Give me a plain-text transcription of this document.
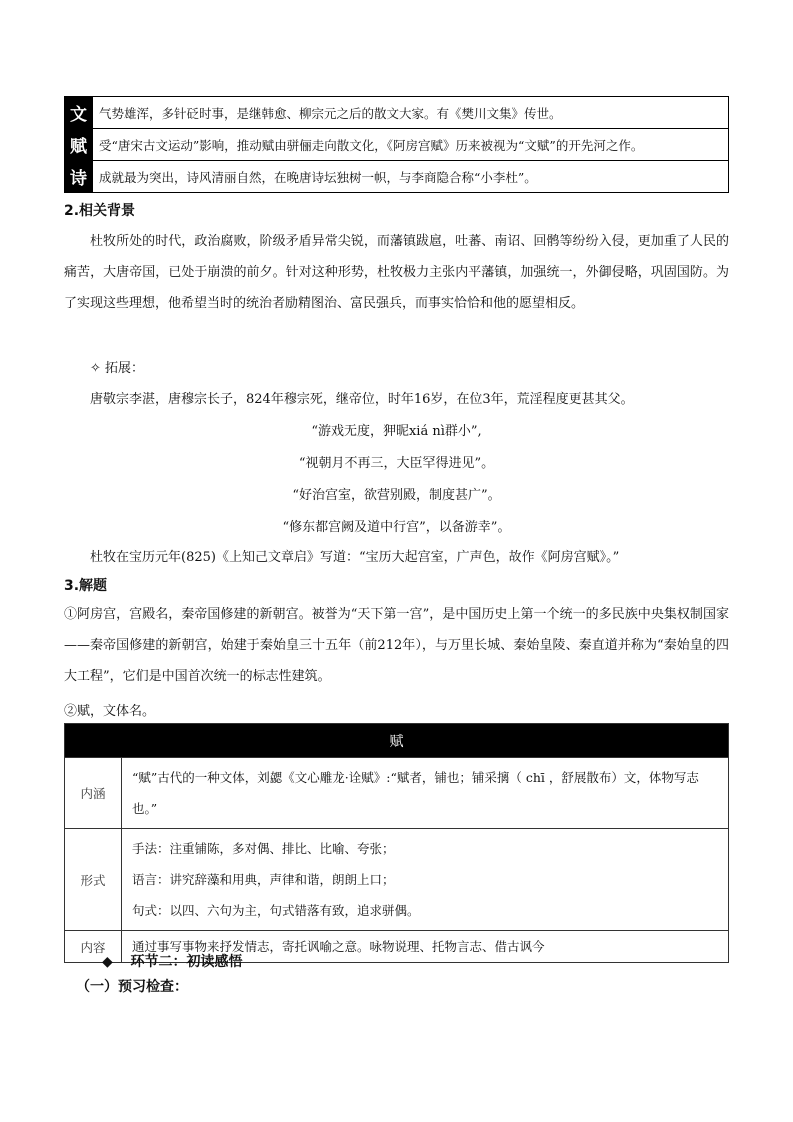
文	气势雄浑，多针砭时事，是继韩愈、柳宗元之后的散文大家。有《樊川文集》传世。
赋	受“唐宋古文运动”影响，推动赋由骈俪走向散文化，《阿房宫赋》历来被视为“文赋”的开先河之作。
诗	成就最为突出，诗风清丽自然，在晚唐诗坛独树一帜，与李商隐合称“小李杜”。
2.相关背景
杜牧所处的时代，政治腐败，阶级矛盾异常尖锐，而藩镇跋扈，吐蕃、南诏、回鹘等纷纷入侵，更加重了人民的痛苦，大唐帝国，已处于崩溃的前夕。针对这种形势，杜牧极力主张内平藩镇，加强统一，外御侵略，巩固国防。为了实现这些理想，他希望当时的统治者励精图治、富民强兵，而事实恰恰和他的愿望相反。
✧ 拓展：
唐敬宗李湛，唐穆宗长子，824年穆宗死，继帝位，时年16岁，在位3年，荒淫程度更甚其父。
“游戏无度，狎昵xiá nì群小”,
“视朝月不再三，大臣罕得进见”。
“好治宫室，欲营别殿，制度甚广”。
“修东都宫阙及道中行宫”，以备游幸”。
杜牧在宝历元年(825)《上知己文章启》写道：“宝历大起宫室，广声色，故作《阿房宫赋》。”
3.解题
①阿房宫，宫殿名，秦帝国修建的新朝宫。被誉为“天下第一宫”，是中国历史上第一个统一的多民族中央集权制国家——秦帝国修建的新朝宫，始建于秦始皇三十五年（前212年），与万里长城、秦始皇陵、秦直道并称为“秦始皇的四大工程”，它们是中国首次统一的标志性建筑。
②赋，文体名。
赋	
内涵	“赋”古代的一种文体，刘勰《文心雕龙·诠赋》:“赋者，铺也；铺采摛（ chī ，舒展散布）文，体物写志也。”

形式	手法：注重铺陈，多对偶、排比、比喻、夸张；
语言：讲究辞藻和用典，声律和谐，朗朗上口；
句式：以四、六句为主，句式错落有致，追求骈偶。

内容	通过事写事物来抒发情志，寄托讽喻之意。咏物说理、托物言志、借古讽今
◆ 环节二：初读感悟
（一）预习检查：
